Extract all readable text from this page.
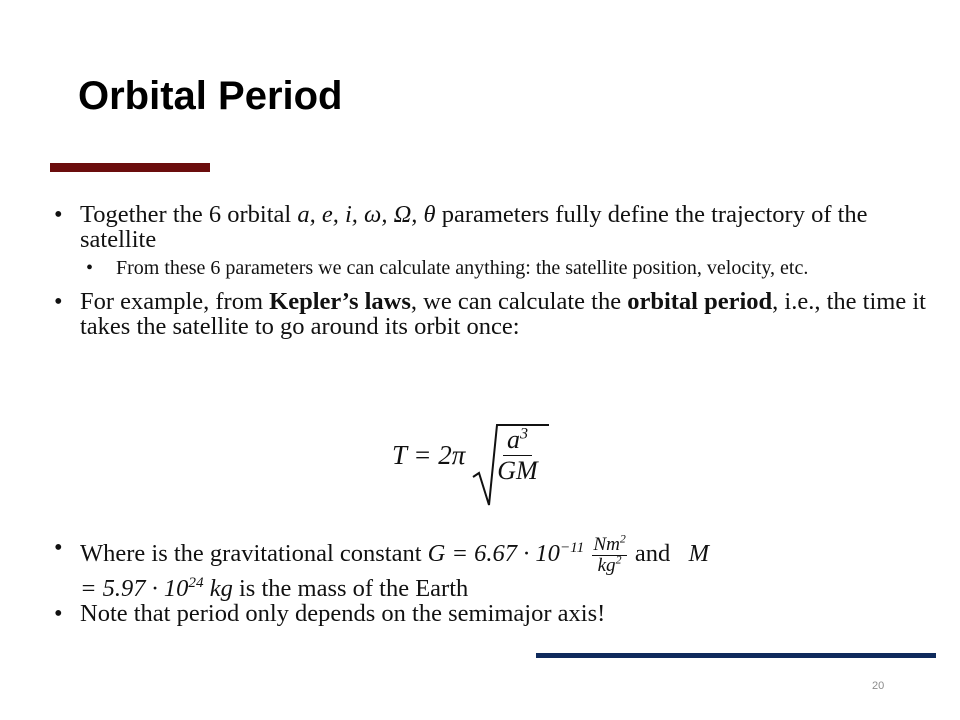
Orbital Period
• Together the 6 orbital a, e, i, ω, Ω, θ parameters fully define the trajectory of the satellite
• From these 6 parameters we can calculate anything: the satellite position, velocity, etc.
• For example, from Kepler’s laws, we can calculate the orbital period, i.e., the time it takes the satellite to go around its orbit once:
$T = 2\pi \frac{a^3}{GM}$
• Where is the gravitational constant $G = 6.67 \cdot 10^{-11} \frac{Nm^2}{kg^2}$ and   M
= $5.97 \cdot 10^{24}$ kg is the mass of the Earth
• Note that period only depends on the semimajor axis!
20
